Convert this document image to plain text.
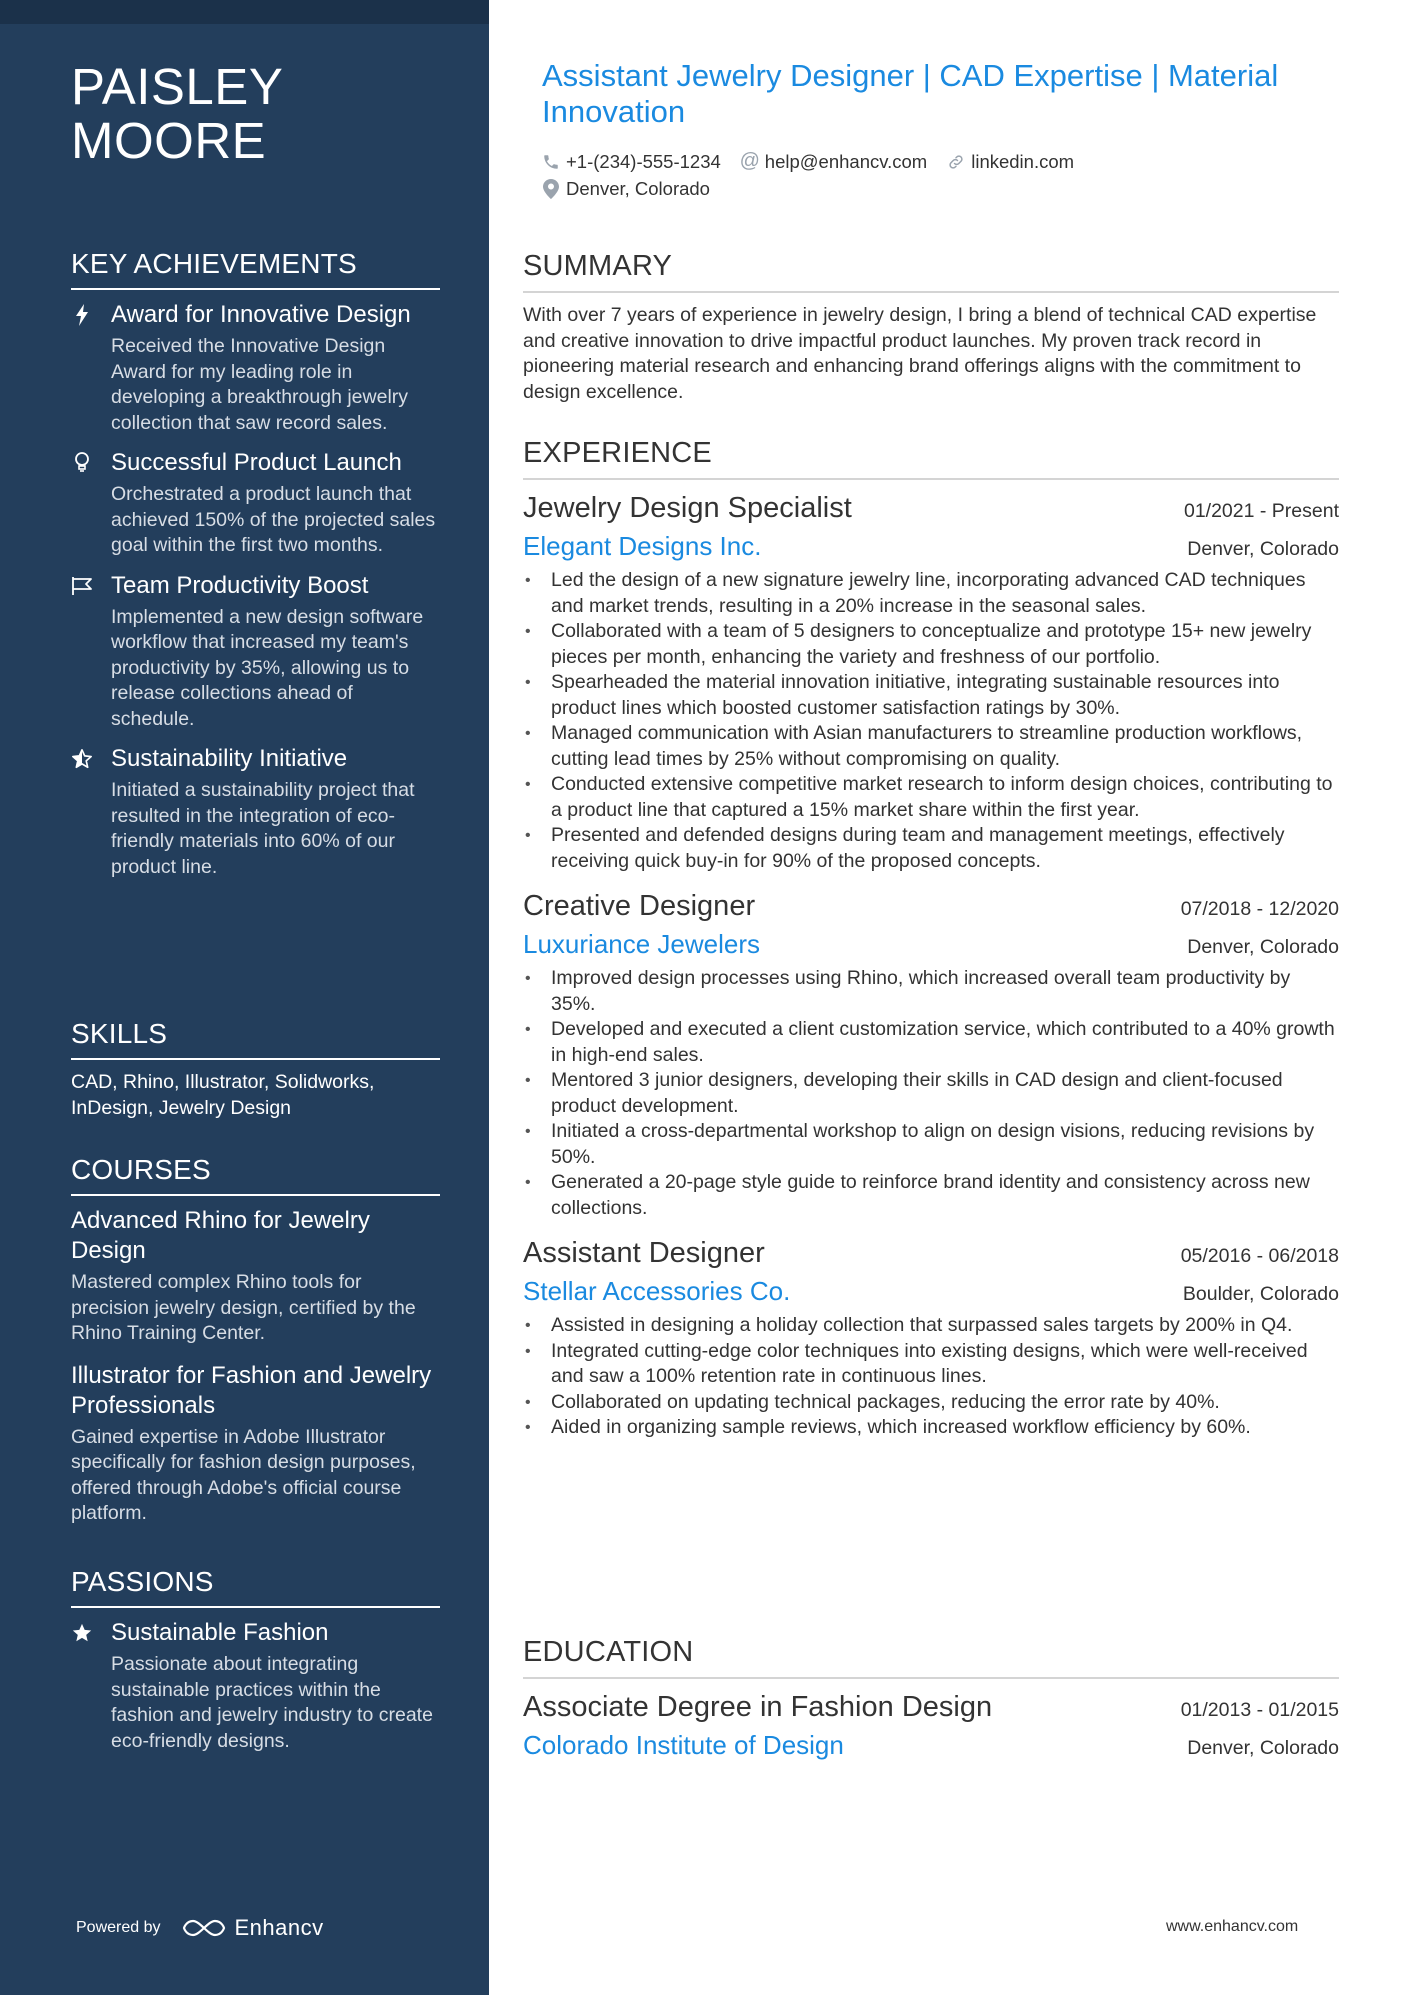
PAISLEY
MOORE
KEY ACHIEVEMENTS
Award for Innovative Design
Received the Innovative Design Award for my leading role in developing a breakthrough jewelry collection that saw record sales.
Successful Product Launch
Orchestrated a product launch that achieved 150% of the projected sales goal within the first two months.
Team Productivity Boost
Implemented a new design software workflow that increased my team's productivity by 35%, allowing us to release collections ahead of schedule.
Sustainability Initiative
Initiated a sustainability project that resulted in the integration of eco-friendly materials into 60% of our product line.
SKILLS
CAD, Rhino, Illustrator, Solidworks, InDesign, Jewelry Design
COURSES
Advanced Rhino for Jewelry Design
Mastered complex Rhino tools for precision jewelry design, certified by the Rhino Training Center.
Illustrator for Fashion and Jewelry Professionals
Gained expertise in Adobe Illustrator specifically for fashion design purposes, offered through Adobe's official course platform.
PASSIONS
Sustainable Fashion
Passionate about integrating sustainable practices within the fashion and jewelry industry to create eco-friendly designs.
Powered by	Enhancv
Assistant Jewelry Designer | CAD Expertise | Material Innovation
+1-(234)-555-1234 @ help@enhancv.com linkedin.com
Denver, Colorado
SUMMARY
With over 7 years of experience in jewelry design, I bring a blend of technical CAD expertise and creative innovation to drive impactful product launches. My proven track record in pioneering material research and enhancing brand offerings aligns with the commitment to design excellence.
EXPERIENCE
Jewelry Design Specialist	01/2021 - Present
Elegant Designs Inc.	Denver, Colorado
• Led the design of a new signature jewelry line, incorporating advanced CAD techniques and market trends, resulting in a 20% increase in the seasonal sales.
• Collaborated with a team of 5 designers to conceptualize and prototype 15+ new jewelry pieces per month, enhancing the variety and freshness of our portfolio.
• Spearheaded the material innovation initiative, integrating sustainable resources into product lines which boosted customer satisfaction ratings by 30%.
• Managed communication with Asian manufacturers to streamline production workflows, cutting lead times by 25% without compromising on quality.
• Conducted extensive competitive market research to inform design choices, contributing to a product line that captured a 15% market share within the first year.
• Presented and defended designs during team and management meetings, effectively receiving quick buy-in for 90% of the proposed concepts.
Creative Designer	07/2018 - 12/2020
Luxuriance Jewelers	Denver, Colorado
• Improved design processes using Rhino, which increased overall team productivity by 35%.
• Developed and executed a client customization service, which contributed to a 40% growth in high-end sales.
• Mentored 3 junior designers, developing their skills in CAD design and client-focused product development.
• Initiated a cross-departmental workshop to align on design visions, reducing revisions by 50%.
• Generated a 20-page style guide to reinforce brand identity and consistency across new collections.
Assistant Designer	05/2016 - 06/2018
Stellar Accessories Co.	Boulder, Colorado
• Assisted in designing a holiday collection that surpassed sales targets by 200% in Q4.
• Integrated cutting-edge color techniques into existing designs, which were well-received and saw a 100% retention rate in continuous lines.
• Collaborated on updating technical packages, reducing the error rate by 40%.
• Aided in organizing sample reviews, which increased workflow efficiency by 60%.
EDUCATION
Associate Degree in Fashion Design	01/2013 - 01/2015
Colorado Institute of Design	Denver, Colorado
www.enhancv.com
